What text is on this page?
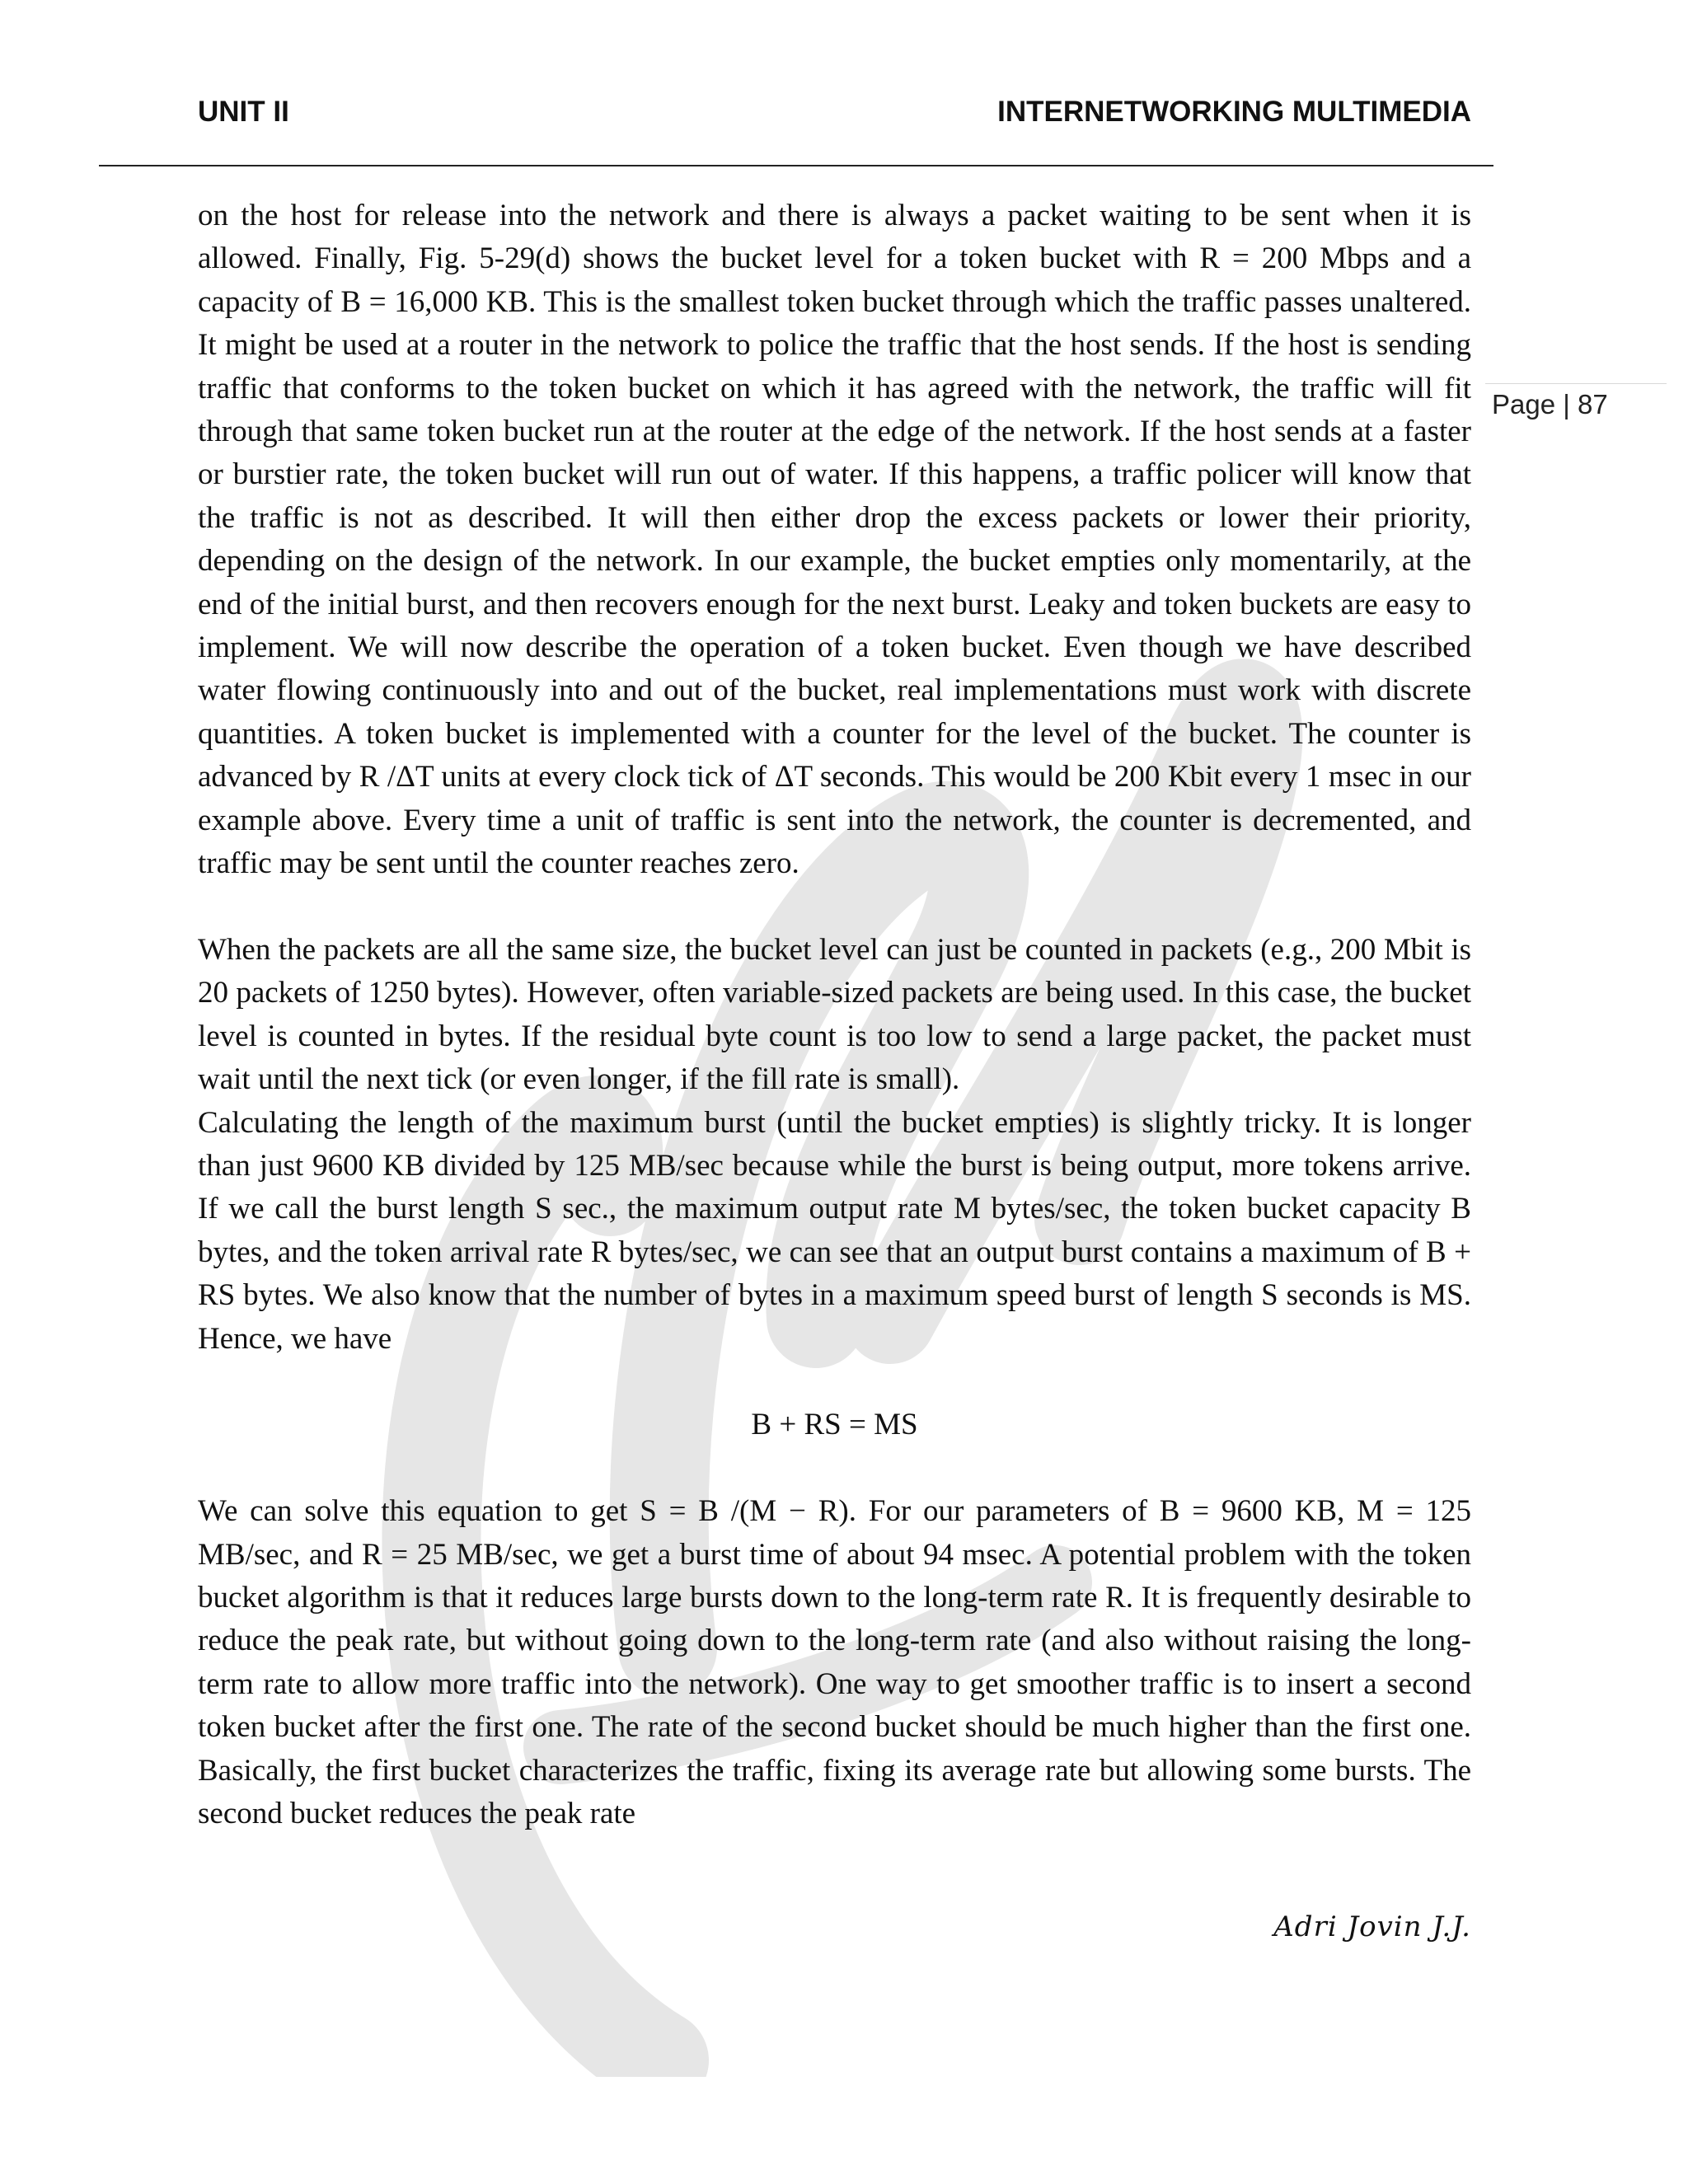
UNIT II	INTERNETWORKING MULTIMEDIA
Page | 87

on the host for release into the network and there is always a packet waiting to be sent when it is allowed. Finally, Fig. 5-29(d) shows the bucket level for a token bucket with R = 200 Mbps and a capacity of B = 16,000 KB. This is the smallest token bucket through which the traffic passes unaltered. It might be used at a router in the network to police the traffic that the host sends. If the host is sending traffic that conforms to the token bucket on which it has agreed with the network, the traffic will fit through that same token bucket run at the router at the edge of the network. If the host sends at a faster or burstier rate, the token bucket will run out of water. If this happens, a traffic policer will know that the traffic is not as described. It will then either drop the excess packets or lower their priority, depending on the design of the network. In our example, the bucket empties only momentarily, at the end of the initial burst, and then recovers enough for the next burst. Leaky and token buckets are easy to implement. We will now describe the operation of a token bucket. Even though we have described water flowing continuously into and out of the bucket, real implementations must work with discrete quantities. A token bucket is implemented with a counter for the level of the bucket. The counter is advanced by R /ΔT units at every clock tick of ΔT seconds. This would be 200 Kbit every 1 msec in our example above. Every time a unit of traffic is sent into the network, the counter is decremented, and traffic may be sent until the counter reaches zero.

When the packets are all the same size, the bucket level can just be counted in packets (e.g., 200 Mbit is 20 packets of 1250 bytes). However, often variable-sized packets are being used. In this case, the bucket level is counted in bytes. If the residual byte count is too low to send a large packet, the packet must wait until the next tick (or even longer, if the fill rate is small).

Calculating the length of the maximum burst (until the bucket empties) is slightly tricky. It is longer than just 9600 KB divided by 125 MB/sec because while the burst is being output, more tokens arrive. If we call the burst length S sec., the maximum output rate M bytes/sec, the token bucket capacity B bytes, and the token arrival rate R bytes/sec, we can see that an output burst contains a maximum of B + RS bytes. We also know that the number of bytes in a maximum speed burst of length S seconds is MS. Hence, we have

B + RS = MS

We can solve this equation to get S = B /(M − R). For our parameters of B = 9600 KB, M = 125 MB/sec, and R = 25 MB/sec, we get a burst time of about 94 msec. A potential problem with the token bucket algorithm is that it reduces large bursts down to the long-term rate R. It is frequently desirable to reduce the peak rate, but without going down to the long-term rate (and also without raising the long-term rate to allow more traffic into the network). One way to get smoother traffic is to insert a second token bucket after the first one. The rate of the second bucket should be much higher than the first one. Basically, the first bucket characterizes the traffic, fixing its average rate but allowing some bursts. The second bucket reduces the peak rate

Adri Jovin J.J.
